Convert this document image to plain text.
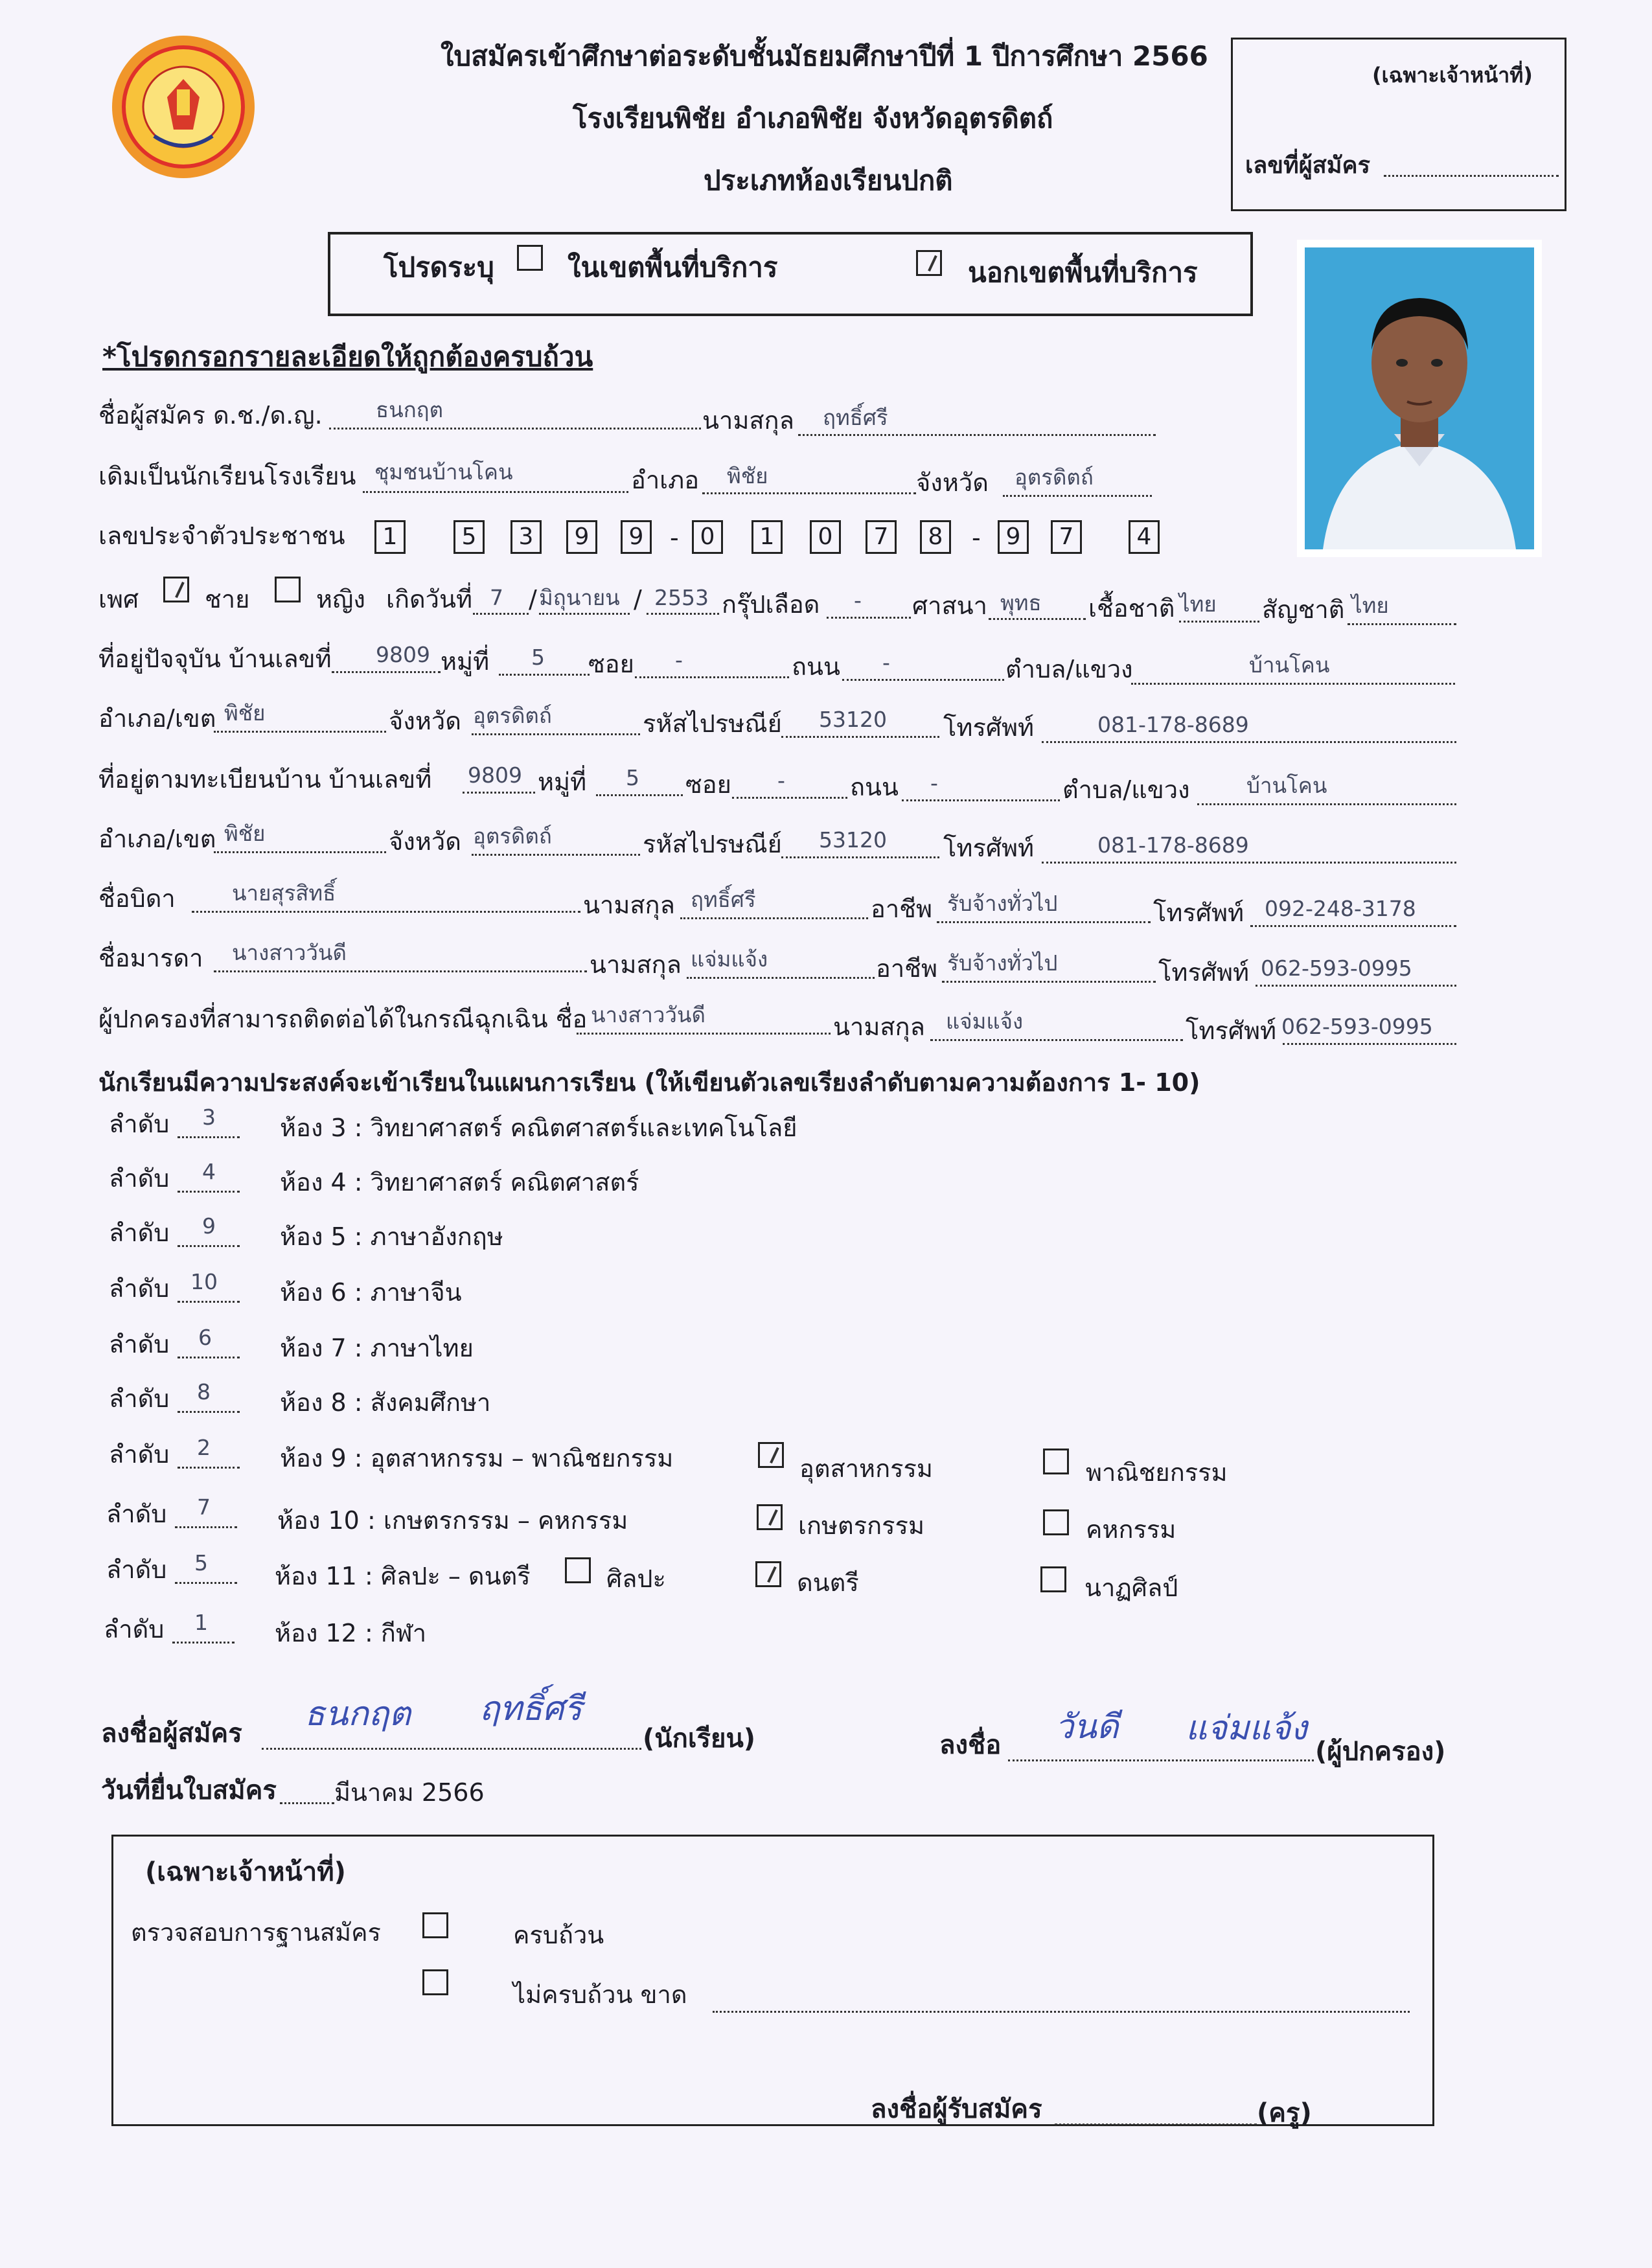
ใบสมัครเข้าศึกษาต่อระดับชั้นมัธยมศึกษาปีที่ 1 ปีการศึกษา 2566
โรงเรียนพิชัย อำเภอพิชัย จังหวัดอุตรดิตถ์
ประเภทห้องเรียนปกติ
(เฉพาะเจ้าหน้าที่)
เลขที่ผู้สมัคร
โปรดระบุ	ในเขตพื้นที่บริการ	นอกเขตพื้นที่บริการ
*โปรดกรอกรายละเอียดให้ถูกต้องครบถ้วน
ชื่อผู้สมัคร ด.ช./ด.ญ. ธนกฤต	นามสกุล ฤทธิ์ศรี
เดิมเป็นนักเรียนโรงเรียน ชุมชนบ้านโคน	อำเภอ พิชัย	จังหวัด อุตรดิตถ์
เลขประจำตัวประชาชน	1	5	3	9	9	- 0	1	0	7	8	-	9	7	4
เพศ	ชาย	หญิง เกิดวันที่ 7 / มิถุนายน / 2553 กรุ๊ปเลือด - ศาสนา พุทธ เชื้อชาติ ไทย สัญชาติ ไทย
ที่อยู่ปัจจุบัน บ้านเลขที่ 9809 หมู่ที่ 5 ซอย -	ถนน -	ตำบล/แขวง	บ้านโคน
อำเภอ/เขต พิชัย	จังหวัด อุตรดิตถ์	รหัสไปรษณีย์ 53120 โทรศัพท์	081-178-8689
ที่อยู่ตามทะเบียนบ้าน บ้านเลขที่ 9809 หมู่ที่ 5 ซอย -	ถนน -	ตำบล/แขวง	บ้านโคน
อำเภอ/เขต พิชัย	จังหวัด อุตรดิตถ์	รหัสไปรษณีย์ 53120 โทรศัพท์	081-178-8689
ชื่อบิดา	นายสุรสิทธิ์	นามสกุล ฤทธิ์ศรี	อาชีพ รับจ้างทั่วไป	โทรศัพท์ 092-248-3178
ชื่อมารดา นางสาววันดี	นามสกุล แจ่มแจ้ง	อาชีพ รับจ้างทั่วไป	โทรศัพท์ 062-593-0995
ผู้ปกครองที่สามารถติดต่อได้ในกรณีฉุกเฉิน ชื่อ นางสาววันดี	นามสกุล แจ่มแจ้ง	โทรศัพท์ 062-593-0995
นักเรียนมีความประสงค์จะเข้าเรียนในแผนการเรียน (ให้เขียนตัวเลขเรียงลำดับตามความต้องการ 1- 10)
ลำดับ 3	ห้อง 3 : วิทยาศาสตร์ คณิตศาสตร์และเทคโนโลยี
ลำดับ 4	ห้อง 4 : วิทยาศาสตร์ คณิตศาสตร์
ลำดับ 9	ห้อง 5 : ภาษาอังกฤษ
ลำดับ 10	ห้อง 6 : ภาษาจีน
ลำดับ 6	ห้อง 7 : ภาษาไทย
ลำดับ 8	ห้อง 8 : สังคมศึกษา
ลำดับ 2	ห้อง 9 : อุตสาหกรรม – พาณิชยกรรม	อุตสาหกรรม	พาณิชยกรรม
ลำดับ 7	ห้อง 10 : เกษตรกรรม – คหกรรม	เกษตรกรรม	คหกรรม
ลำดับ 5	ห้อง 11 : ศิลปะ – ดนตรี	ศิลปะ	ดนตรี	นาฏศิลป์
ลำดับ 1	ห้อง 12 : กีฬา
ลงชื่อผู้สมัคร ธนกฤต ฤทธิ์ศรี
(นักเรียน)	ลงชื่อ วันดี แจ่มแจ้ง
(ผู้ปกครอง)
วันที่ยื่นใบสมัคร มีนาคม 2566
(เฉพาะเจ้าหน้าที่)
ตรวจสอบการฐานสมัคร	ครบถ้วน
ไม่ครบถ้วน ขาด
ลงชื่อผู้รับสมัคร	(ครู)
